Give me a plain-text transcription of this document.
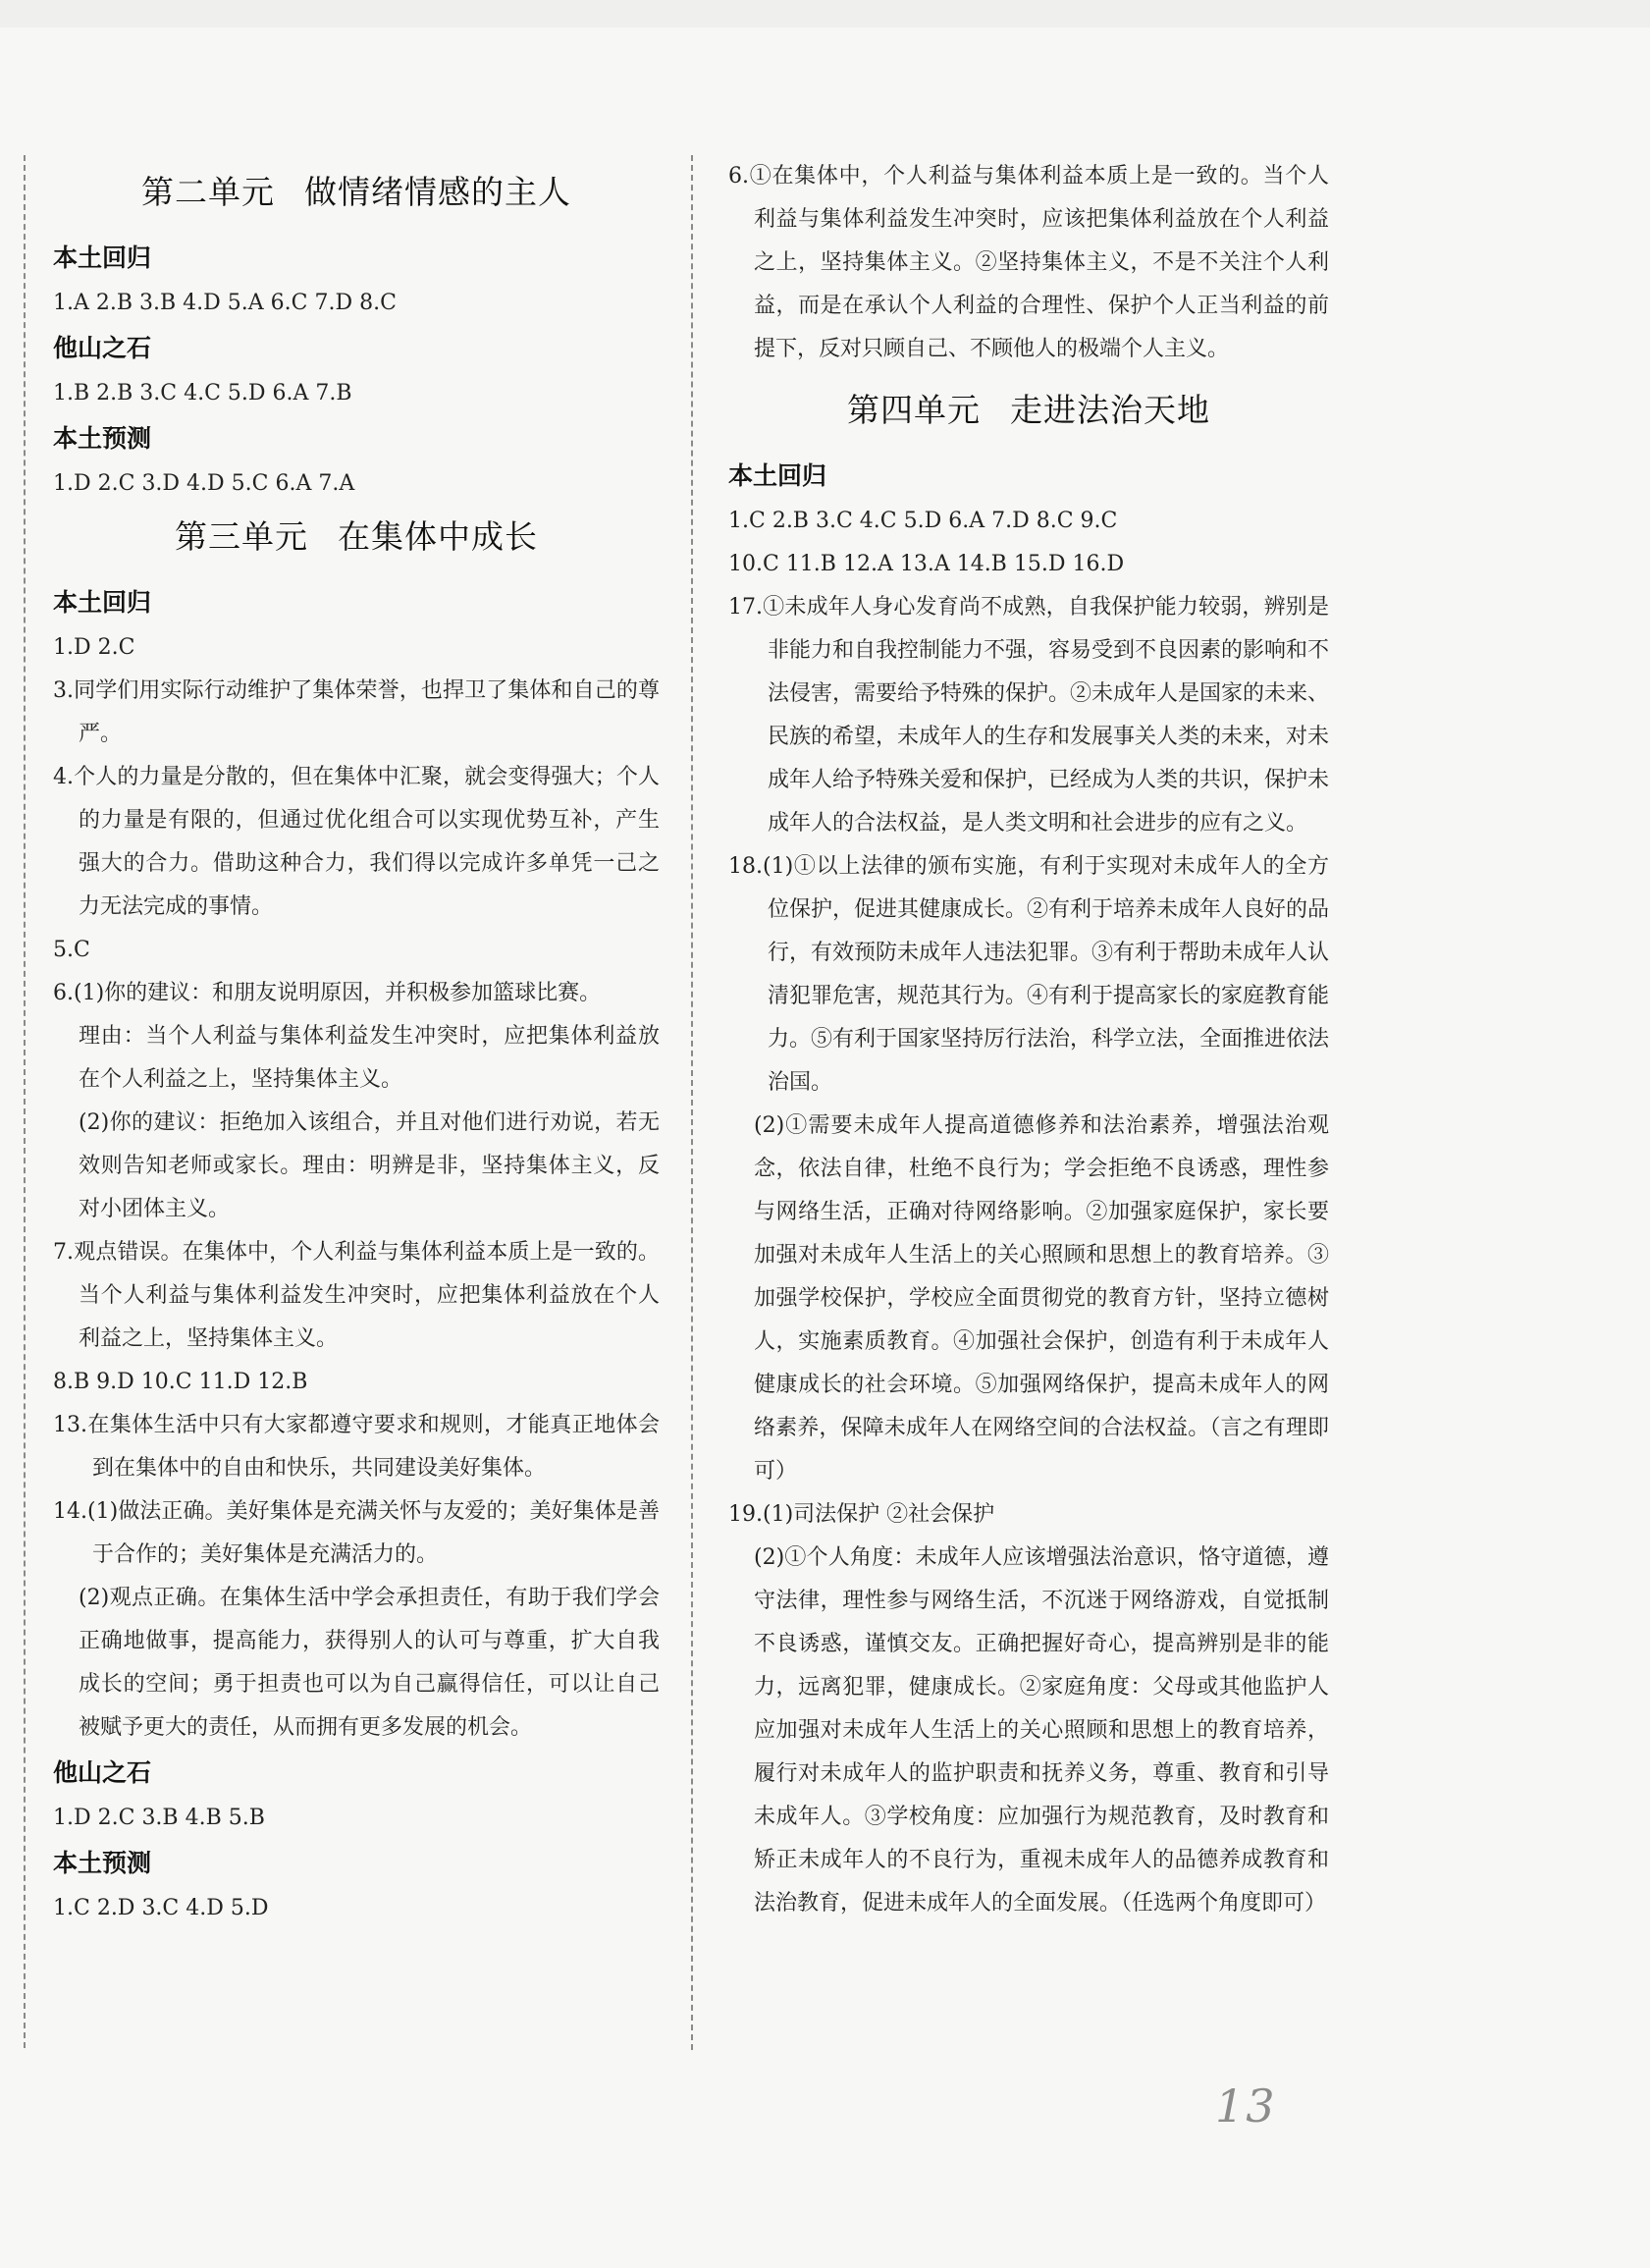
第二单元 做情绪情感的主人
本土回归
1.A 2.B 3.B 4.D 5.A 6.C 7.D 8.C
他山之石
1.B 2.B 3.C 4.C 5.D 6.A 7.B
本土预测
1.D 2.C 3.D 4.D 5.C 6.A 7.A
第三单元 在集体中成长
本土回归
1.D 2.C

3.同学们用实际行动维护了集体荣誉，也捍卫了集体和自己的尊严。

4.个人的力量是分散的，但在集体中汇聚，就会变得强大；个人的力量是有限的，但通过优化组合可以实现优势互补，产生强大的合力。借助这种合力，我们得以完成许多单凭一己之力无法完成的事情。

5.C

6.(1)你的建议：和朋友说明原因，并积极参加篮球比赛。

理由：当个人利益与集体利益发生冲突时，应把集体利益放在个人利益之上，坚持集体主义。

(2)你的建议：拒绝加入该组合，并且对他们进行劝说，若无效则告知老师或家长。理由：明辨是非，坚持集体主义，反对小团体主义。

7.观点错误。在集体中，个人利益与集体利益本质上是一致的。当个人利益与集体利益发生冲突时，应把集体利益放在个人利益之上，坚持集体主义。

8.B 9.D 10.C 11.D 12.B

13.在集体生活中只有大家都遵守要求和规则，才能真正地体会到在集体中的自由和快乐，共同建设美好集体。

14.(1)做法正确。美好集体是充满关怀与友爱的；美好集体是善于合作的；美好集体是充满活力的。

(2)观点正确。在集体生活中学会承担责任，有助于我们学会正确地做事，提高能力，获得别人的认可与尊重，扩大自我成长的空间；勇于担责也可以为自己赢得信任，可以让自己被赋予更大的责任，从而拥有更多发展的机会。

他山之石
1.D 2.C 3.B 4.B 5.B
本土预测
1.C 2.D 3.C 4.D 5.D

6.①在集体中，个人利益与集体利益本质上是一致的。当个人利益与集体利益发生冲突时，应该把集体利益放在个人利益之上，坚持集体主义。②坚持集体主义，不是不关注个人利益，而是在承认个人利益的合理性、保护个人正当利益的前提下，反对只顾自己、不顾他人的极端个人主义。

第四单元 走进法治天地
本土回归
1.C 2.B 3.C 4.C 5.D 6.A 7.D 8.C 9.C
10.C 11.B 12.A 13.A 14.B 15.D 16.D

17.①未成年人身心发育尚不成熟，自我保护能力较弱，辨别是非能力和自我控制能力不强，容易受到不良因素的影响和不法侵害，需要给予特殊的保护。②未成年人是国家的未来、民族的希望，未成年人的生存和发展事关人类的未来，对未成年人给予特殊关爱和保护，已经成为人类的共识，保护未成年人的合法权益，是人类文明和社会进步的应有之义。

18.(1)①以上法律的颁布实施，有利于实现对未成年人的全方位保护，促进其健康成长。②有利于培养未成年人良好的品行，有效预防未成年人违法犯罪。③有利于帮助未成年人认清犯罪危害，规范其行为。④有利于提高家长的家庭教育能力。⑤有利于国家坚持厉行法治，科学立法，全面推进依法治国。

(2)①需要未成年人提高道德修养和法治素养，增强法治观念，依法自律，杜绝不良行为；学会拒绝不良诱惑，理性参与网络生活，正确对待网络影响。②加强家庭保护，家长要加强对未成年人生活上的关心照顾和思想上的教育培养。③加强学校保护，学校应全面贯彻党的教育方针，坚持立德树人，实施素质教育。④加强社会保护，创造有利于未成年人健康成长的社会环境。⑤加强网络保护，提高未成年人的网络素养，保障未成年人在网络空间的合法权益。（言之有理即可）

19.(1)司法保护 ②社会保护

(2)①个人角度：未成年人应该增强法治意识，恪守道德，遵守法律，理性参与网络生活，不沉迷于网络游戏，自觉抵制不良诱惑，谨慎交友。正确把握好奇心，提高辨别是非的能力，远离犯罪，健康成长。②家庭角度：父母或其他监护人应加强对未成年人生活上的关心照顾和思想上的教育培养，履行对未成年人的监护职责和抚养义务，尊重、教育和引导未成年人。③学校角度：应加强行为规范教育，及时教育和矫正未成年人的不良行为，重视未成年人的品德养成教育和法治教育，促进未成年人的全面发展。（任选两个角度即可）

13
